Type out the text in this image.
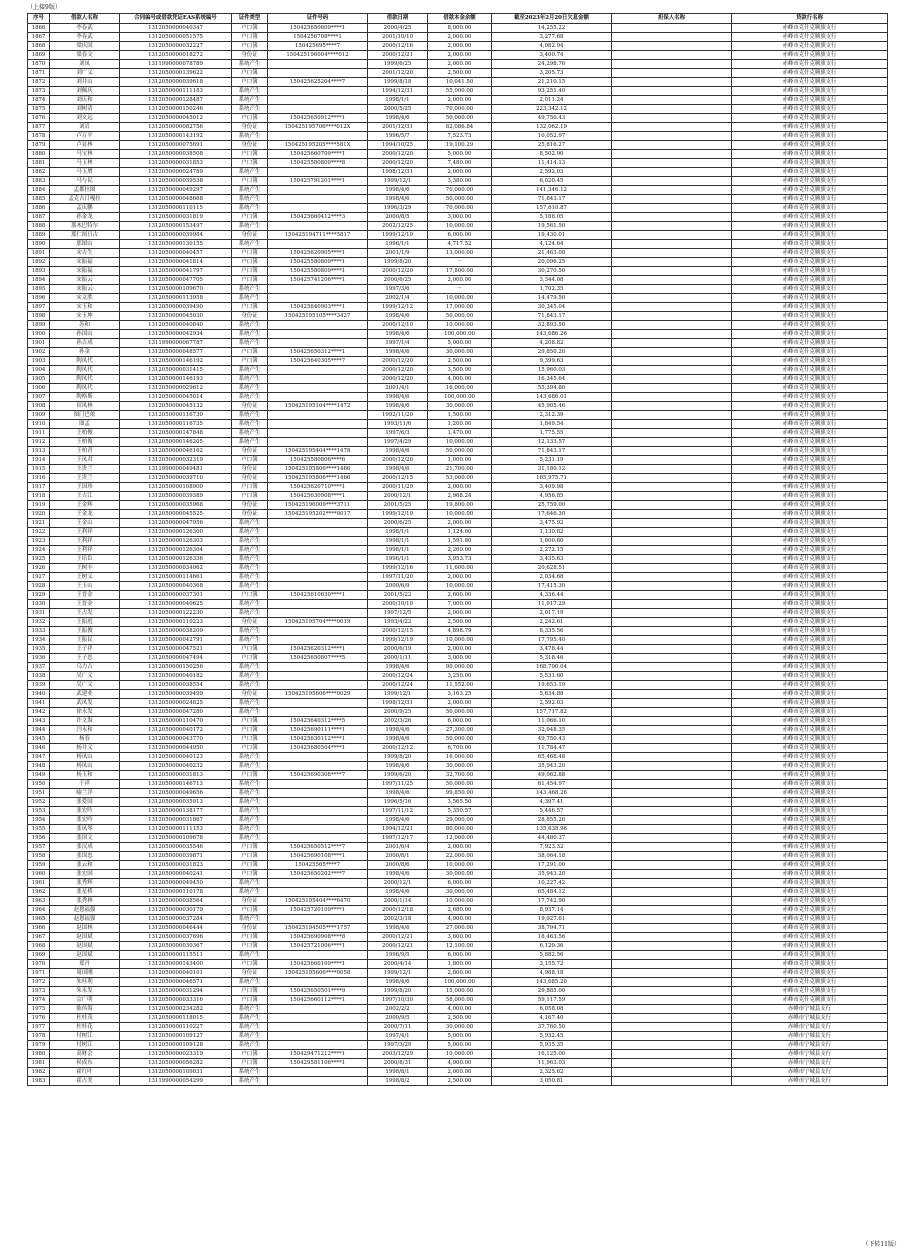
（上接9版）
序号	借款人名称	合同编号或借款凭证EAS系统编号	证件类型	证件号码	借款日期	借款本金余额	截至2023年2月20日欠息金额	担保人名称	贷款行名称
1866	李春武	1312050000040347	户口簿	150425650609****1	2000/4/25	8,000.00	14,255.22		赤峰市克什克腾旗支行
1867	李春武	1312050000051575	户口簿	1504256708****1	2001/10/10	2,000.00	3,277.68		赤峰市克什克腾旗支行
1868	梁庆国	1312050000032227	户口簿	150425695****7	2000/12/16	2,000.00	4,082.94		赤峰市克什克腾旗支行
1869	梁春文	1312050000018272	身份证	150425196004****012	2000/12/21	2,000.00	3,400.74		赤峰市克什克腾旗支行
1870	刘凤	1311990000078789	系统产生		1999/6/25	2,000.00	24,298.76		赤峰市克什克腾旗支行
1871	刘广义	1312050000139622	户口簿		2001/12/20	2,500.00	3,205.73		赤峰市克什克腾旗支行
1872	刘井山	1312050000039618	户口簿	150425625204****7	1999/8/18	10,041.50	21,210.15		赤峰市克什克腾旗支行
1873	刘佩庆	1312050000111183	系统产生		1994/12/31	55,000.00	93,251.40		赤峰市克什克腾旗支行
1874	刘庆和	1312050000128487	系统产生		1998/1/1	2,000.00	2,011.24		赤峰市克什克腾旗支行
1875	刘树清	1312050000150246	系统产生		2000/5/25	70,000.00	223,342.12		赤峰市克什克腾旗支行
1876	刘文远	1312050000045012	户口簿	150425650912****1	1998/4/6	50,000.00	49,750.43		赤峰市克什克腾旗支行
1877	刘岩	1312050000082756	身份证	150425195706****012X	2001/12/31	82,086.84	132,062.19		赤峰市克什克腾旗支行
1878	卢万平	1312050000143192	系统产生		1996/5/7	7,523.73	10,052.97		赤峰市克什克腾旗支行
1879	卢显林	1312050000075691	身份证	150425195205****581X	1994/10/25	19,100.29	25,816.27		赤峰市克什克腾旗支行
1880	马宝林	1312050000038508	户口簿	150425660709****1	2000/12/20	5,000.00	8,502.90		赤峰市克什克腾旗支行
1881	马玉林	1312050000031853	户口簿	150425580809****8	2000/12/20	7,480.00	11,414.13		赤峰市克什克腾旗支行
1882	马玉增	1312050000024789	系统产生		1998/12/31	2,000.00	2,592.03		赤峰市克什克腾旗支行
1883	马与民	1312050000039538	户口簿	150425791201****1	1999/12/1	3,380.00	6,020.45		赤峰市克什克腾旗支行
1884	孟都拉图	1312050000049297	系统产生		1998/4/6	70,000.00	141,346.12		赤峰市克什克腾旗支行
1885	孟克吉日嘎拉	1312050000048668	系统产生		1998/4/6	50,000.00	71,843.17		赤峰市克什克腾旗支行
1886	孟庆鹏	1312050000110115	系统产生		1996/3/29	70,000.00	157,610.87		赤峰市克什克腾旗支行
1887	孙金龙	1312050000031819	户口簿	150425660412****3	2000/8/5	3,000.00	5,188.05		赤峰市克什克腾旗支行
1888	那木巴特尔	1312050000153497	系统产生		2002/12/25	10,000.00	19,561.50		赤峰市克什克腾旗支行
1889	那仁图日古	1312050000039984	身份证	150425194711****5817	1999/12/19	6,000.00	19,430.01		赤峰市克什克腾旗支行
1890	那图山	1312050000130155	系统产生		1996/1/1	4,717.52	4,124.64		赤峰市克什克腾旗支行
1891	宋吉生	1312050000040457	户口簿	150425620905****1	2001/1/9	13,000.00	21,463.08		赤峰市克什克腾旗支行
1892	宋振福	1312050000041814	户口簿	150425580809****1	1999/8/20	－	20,096.25		赤峰市克什克腾旗支行
1893	宋振福	1312050000041797	户口簿	150425580809****1	2000/12/20	17,800.00	30,270.50		赤峰市克什克腾旗支行
1894	宋振云	1312050000047705	户口簿	150425741206****1	2000/6/25	2,000.00	3,344.08		赤峰市克什克腾旗支行
1895	宋振云	1312050000109670	系统产生		1997/3/6	－	1,702.35		赤峰市克什克腾旗支行
1896	宋文胜	1312050000113958	系统产生		2002/1/4	10,000.00	14,479.50		赤峰市克什克腾旗支行
1897	宋玉和	1312050000039490	户口簿	150425640903****1	1999/12/12	17,000.00	30,345.04		赤峰市克什克腾旗支行
1898	宋玉坤	1312050000045030	身份证	150425195105****3427	1998/4/6	50,000.00	71,843.17		赤峰市克什克腾旗支行
1899	苏和	1312050000040840	系统产生		2000/12/10	10,000.00	32,893.50		赤峰市克什克腾旗支行
1900	孙国山	1312050000042934	系统产生		1998/4/6	100,000.00	143,686.26		赤峰市克什克腾旗支行
1901	孙吉成	1311990000067787	系统产生		1997/1/4	5,000.00	4,208.82		赤峰市克什克腾旗支行
1902	孙金	1312050000048577	户口簿	150425650312****1	1998/4/6	30,000.00	29,850.20		赤峰市克什克腾旗支行
1903	陶凤代	1312050000146192	户口簿	150425640305****7	2000/12/20	2,500.00	9,399.63		赤峰市克什克腾旗支行
1904	陶凤代	1312050000031415	系统产生		2000/12/20	3,500.00	15,960.03		赤峰市克什克腾旗支行
1905	陶凤代	1312050000146193	系统产生		2000/12/20	4,000.00	16,345.64		赤峰市克什克腾旗支行
1906	陶凤代	1312050000029612	系统产生		2001/4/1	16,000.00	55,394.80		赤峰市克什克腾旗支行
1907	陶格斯	1312050000045014	系统产生		1998/4/6	100,000.00	143,686.01		赤峰市克什克腾旗支行
1908	田凤林	1312050000045132	身份证	150425195104****1472	1998/4/6	30,000.00	45,905.46		赤峰市克什克腾旗支行
1909	图门巴依	1312050000116730	系统产生		1992/11/20	1,500.00	2,312.39		赤峰市克什克腾旗支行
1910	图孟	1312050000116735	系统产生		1993/11/6	1,200.00	1,849.54		赤峰市克什克腾旗支行
1911	王柏俊	1312050000147848	系统产生		1997/6/3	1,470.00	1,775.55		赤峰市克什克腾旗支行
1912	王柏俊	1312050000146205	系统产生		1997/4/29	10,000.00	12,133.57		赤峰市克什克腾旗支行
1913	王柏青	1312050000046162	身份证	150425195404****1478	1998/4/6	50,000.00	71,843.17		赤峰市克什克腾旗支行
1914	王凤君	1312050000032319	户口簿	150425580806****6	2000/12/20	1,000.00	5,231.19		赤峰市克什克腾旗支行
1915	王贵兰	1311990000049481	身份证	150425195806****1466	1998/4/6	21,700.00	31,180.12		赤峰市克什克腾旗支行
1916	王贵兰	1312050000039710	身份证	150425195806****1466	2000/12/15	53,000.00	165,975.71		赤峰市克什克腾旗支行
1917	王国珍	1312050000108900	户口簿	150425620710****1	2000/11/29	2,000.00	3,409.98		赤峰市克什克腾旗支行
1918	王吉江	1312050000039389	户口簿	150425630908****1	2000/12/1	2,968.24	4,956.85		赤峰市克什克腾旗支行
1919	王金辉	1312050000035968	身份证	150425196009****3711	2001/5/25	19,800.00	25,759.00		赤峰市克什克腾旗支行
1920	王金龙	1312050000045525	身份证	150425195202****0017	1999/12/19	10,000.00	17,646.30		赤峰市克什克腾旗支行
1921	王金山	1312050000047956	系统产生		2000/6/25	2,000.00	3,475.92		赤峰市克什克腾旗支行
1922	王利祥	1312050000126300	系统产生		1998/1/1	1,124.60	1,130.82		赤峰市克什克腾旗支行
1923	王利祥	1312050000126303	系统产生		1998/1/1	1,591.80	1,600.60		赤峰市克什克腾旗支行
1924	王利祥	1312050000126304	系统产生		1998/1/1	2,260.00	2,272.15		赤峰市克什克腾旗支行
1925	王培臣	1312050000126336	系统产生		1996/1/1	3,953.73	3,435.63		赤峰市克什克腾旗支行
1926	王树丰	1312050000034062	系统产生		1999/12/16	11,600.00	20,628.51		赤峰市克什克腾旗支行
1927	王树义	1312050000114661	系统产生		1997/11/20	2,000.00	2,034.68		赤峰市克什克腾旗支行
1928	王玉山	1312050000040368	系统产生		2000/6/9	10,000.00	17,415.30		赤峰市克什克腾旗支行
1929	王晋金	1312050000037301	户口簿	150425610630****1	2001/5/22	2,600.00	4,336.44		赤峰市克什克腾旗支行
1930	王晋金	1312050000040625	系统产生		2000/10/10	7,000.00	11,917.29		赤峰市克什克腾旗支行
1931	王占发	1312050000122230	系统产生		1997/12/5	2,000.00	2,017.19		赤峰市克什克腾旗支行
1932	王振庭	1312050000110223	身份证	150425195704****0019	1993/4/22	2,500.00	2,242.61		赤峰市克什克腾旗支行
1933	王振俊	1312050000038209	系统产生		2000/12/15	4,898.79	8,335.56		赤峰市克什克腾旗支行
1934	王振民	1312050000042791	系统产生		1999/12/19	10,000.00	17,795.40		赤峰市克什克腾旗支行
1935	王子祥	1312050000047521	户口簿	150425620312****1	2000/6/19	2,000.00	3,478.44		赤峰市克什克腾旗支行
1936	王子忠	1312050000047494	户口簿	150425650807****5	2000/1/11	3,000.00	5,318.46		赤峰市克什克腾旗支行
1937	乌力吉	1312050000150256	系统产生		1998/4/6	90,000.00	168,790.04		赤峰市克什克腾旗支行
1938	吴广义	1312050000040182	系统产生		2000/12/24	3,250.00	5,531.60		赤峰市克什克腾旗支行
1939	吴广义	1312050000038554	系统产生		2000/12/24	11,552.00	19,653.19		赤峰市克什克腾旗支行
1940	武建业	1312050000039499	身份证	150425195606****0029	1999/12/1	3,163.25	5,634.88		赤峰市克什克腾旗支行
1941	武凤发	1312050000024825	系统产生		1998/12/31	2,000.00	2,592.03		赤峰市克什克腾旗支行
1942	徐永发	1312050000047280	系统产生		2000/9/25	50,000.00	157,717.82		赤峰市克什克腾旗支行
1943	许文海	1312050000110470	户口簿	150425640312****5	2002/3/26	6,000.00	11,066.10		赤峰市克什克腾旗支行
1944	闫永和	1312050000040172	户口簿	150425690111****1	1998/4/6	27,300.00	32,948.35		赤峰市克什克腾旗支行
1945	杨春	1312050000043770	户口簿	150425630112****1	1998/4/6	50,000.00	49,750.43		赤峰市克什克腾旗支行
1946	杨井义	1312050000044950	户口簿	150425680504****1	2000/12/12	6,700.00	11,784.47		赤峰市克什克腾旗支行
1947	杨凤山	1312050000040123	系统产生		1999/8/20	16,000.00	65,468.48		赤峰市克什克腾旗支行
1948	杨凤山	1312050000040232	系统产生		1998/4/6	30,000.00	35,943.20		赤峰市克什克腾旗支行
1949	杨玉和	1312050000031813	户口簿	150425690308****7	1999/6/20	32,700.00	49,062.88		赤峰市克什克腾旗支行
1950	于祥	1312050000146713	系统产生		1997/11/25	50,000.00	61,454.97		赤峰市克什克腾旗支行
1951	喻兰洋	1312050000049656	系统产生		1998/4/6	99,850.00	143,468.26		赤峰市克什克腾旗支行
1952	张爱国	1312050000035913	系统产生		1996/5/16	3,565.50	4,397.41		赤峰市克什克腾旗支行
1953	张宏吟	1312050000138177	系统产生		1997/11/12	5,350.57	5,446.57		赤峰市克什克腾旗支行
1954	张宏吟	1312050000031867	系统产生		1998/4/6	29,000.00	28,855.26		赤峰市克什克腾旗支行
1955	张凤琴	1312050000111153	系统产生		1994/12/21	80,000.00	135,638.96		赤峰市克什克腾旗支行
1956	张国文	1312050000109678	系统产生		1997/12/17	12,000.00	44,480.37		赤峰市克什克腾旗支行
1957	张汉成	1312050000035546	户口簿	150425650512****7	2001/6/4	2,000.00	7,923.32		赤峰市克什克腾旗支行
1958	张国忠	1312050000039871	户口簿	150425690108****1	2000/8/1	22,000.00	38,064.18		赤峰市克什克腾旗支行
1959	张云和	1312050000031823	户口簿	150425565****7	2000/8/6	10,000.00	17,291.00		赤峰市克什克腾旗支行
1960	张宏国	1312050000040241	户口簿	150425650202****7	1998/4/6	30,000.00	35,943.20		赤峰市克什克腾旗支行
1961	张秀辉	1312050000049450	系统产生		2000/12/1	6,000.00	10,227.42		赤峰市克什克腾旗支行
1962	张星桥	1312050000110178	系统产生		1998/4/6	30,000.00	65,484.12		赤峰市克什克腾旗支行
1963	张秀林	1312050000038564	身份证	150425195404****6470	2000/1/14	10,000.00	17,742.90		赤峰市克什克腾旗支行
1964	赵恩福强	1312050000030179	户口簿	150425720109****1	2000/12/18	2,680.00	8,937.14		赤峰市克什克腾旗支行
1965	赵恩福强	1312050000037284	系统产生		2002/3/18	4,900.00	19,927.61		赤峰市克什克腾旗支行
1966	赵国林	1312050000046444	身份证	150425194505****1757	1998/4/6	27,000.00	38,794.71		赤峰市克什克腾旗支行
1967	赵国斌	1312050000037696	户口簿	150425690908****8	2000/12/21	3,600.00	18,463.56		赤峰市克什克腾旗支行
1968	赵国斌	1312050000030367	户口簿	150425721006****1	2000/12/21	12,100.00	6,129.36		赤峰市克什克腾旗支行
1969	赵国斌	1312050000115511	系统产生		1996/9/5	6,000.00	5,882.56		赤峰市克什克腾旗支行
1970	郑丹	1312050000143400	户口簿	150425660109****1	2000/4/14	1,800.00	3,155.72		赤峰市克什克腾旗支行
1971	周国刚	1312050000040101	身份证	150425195606****0058	1999/12/1	2,800.00	4,988.18		赤峰市克什克腾旗支行
1972	朱桂利	1312050000046571	系统产生		1998/4/6	100,000.00	143,685.20		赤峰市克什克腾旗支行
1973	朱永发	1312050000031294	户口簿	150425650501****9	1999/8/20	15,000.00	29,885.00		赤峰市克什克腾旗支行
1974	宗广明	1312050000033316	户口簿	150425660112****1	1997/10/30	58,000.00	59,117.59		赤峰市克什克腾旗支行
1975	陈伟海	1312050000234282	系统产生		2002/2/2	4,000.00	6,058.08		赤峰市宁城县支行
1976	杜桂茂	1312050000118015	系统产生		2000/9/5	2,500.00	4,167.40		赤峰市宁城县支行
1977	杜桂花	1312050000110227	系统产生		2000/7/11	30,000.00	37,760.50		赤峰市宁城县支行
1978	付树江	1312050000109127	系统产生		1997/4/1	5,000.00	5,932.45		赤峰市宁城县支行
1979	付树江	1312050000109128	系统产生		1997/3/29	5,000.00	5,935.35		赤峰市宁城县支行
1980	高财会	1312050000023319	户口簿	150429471212****1	2003/12/29	10,000.00	16,125.00		赤峰市宁城县支行
1981	侯成东	1312050000056282	户口簿	150429581106****1	2000/8/31	4,900.00	11,963.03		赤峰市宁城县支行
1982	霍红叶	1312050000109031	系统产生		1998/8/1	2,000.00	2,325.62		赤峰市宁城县支行
1983	霍占美	1311990000054299	系统产生		1998/8/2	2,500.00	3,050.81		赤峰市宁城县支行
（下转11版）
